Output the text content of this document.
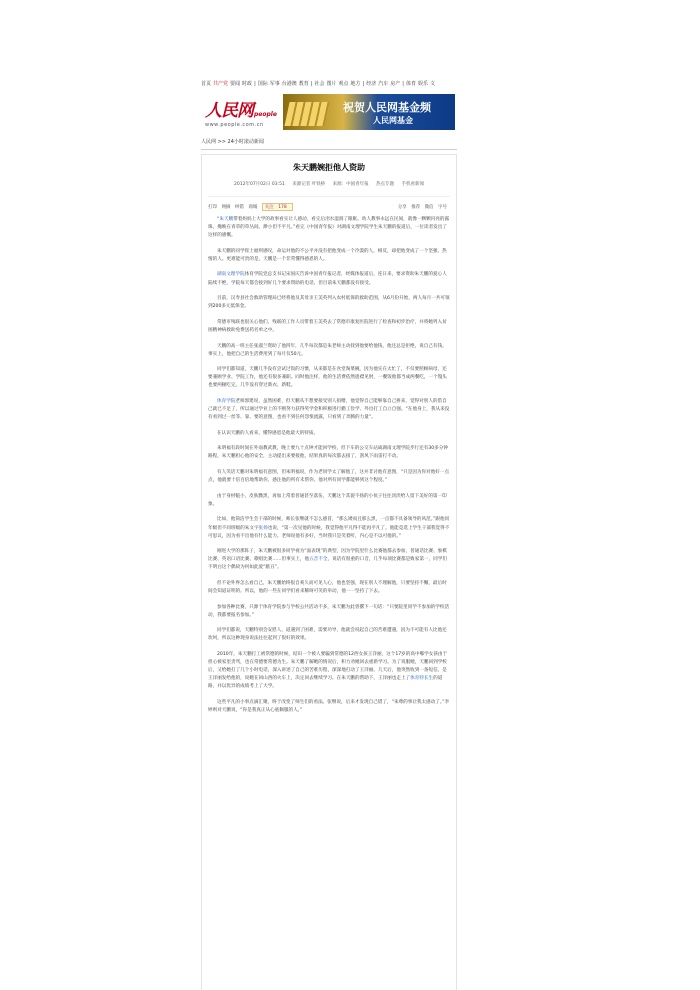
首页 共产党 要闻 时政 | 国际 军事 台港澳 教育 | 社会 图片 观点 地方 | 经济 汽车 房产 | 体育 娱乐 文
人民网people
www.people.com.cn
祝贺人民网基金频
人民网基金
人民网 >> 24小时滚动新闻
朱天鹏婉拒他人资助
2012年07月02日 03:51 来源记者 叶铁桥 来源：中国青年报 热点专题 手机看新闻
打印 网摘 纠错 商城 关注 178	分享 推荐 微信 字号

“朱天鹏带着妈妈上大学的故事看实让人感动，看完后泪水湿润了眼眶。幼人教事永远在民间，就像一颗颗闪亮的露珠，掩映在青草的草丛间，渺小但不平凡。”看完《中国青年报》对湖南文理学院学生朱天鹏的报道后，一位读者发出了这样的感慨。

朱天鹏的同学崔士福则感叹，命运对他的不公平并没有把他变成一个冷漠的人，相反，却把他变成了一个坚强、热情的人。更难能可贵的是，天鹏是一个非常懂得感恩的人。

湖南文理学院体育学院党总支书记宋国庆告诉中国青年报记者，经媒体报道后，连日来，要求资助朱天鹏的爱心人陆续不绝，学院每天都会接到好几个要求资助的电话，但目前朱天鹏都没有接受。

目前，汉寿县社会救助管理局已经将他及其母亲王美英列入农村低保的救助范围，从6月份开始，两人每月一共可领到200多元低保金。

常德市残联也很关心他们，残联的工作人员带着王美英去了常德市康复医院进行了检查和初步治疗，并将她列入贫困精神病救助免费送药名单之中。

天鹏的高一班主任张淑兰资助了他四年，几乎每次都是朱老师主动找到他要给他钱，他还总是拒绝，说自己有钱。事实上，他把自己的生活费用到了每月仅50元。

同学们都知道，天鹏几乎没有尝试过饭的习惯，从来都是在食堂淘菜碗，因为他实在太忙了，不仅要照顾病母，还要兼顾学业、学院工作，他还有很多兼职。同时他注样，他的生活费依然捉襟见肘，一餐饭他都当成两餐吃，一个馒头也要两顿吃完，几乎没有穿过新衣、新鞋。

体育学院老师郭建说，虽然困难，但天鹏从不想要接受别人捐赠，他觉得自己能够靠自己拼来，觉得对别人的借自己就已不足了，所以通过学业上的不断努力获得奖学金和积极进行勤工俭学、外出打工自立自强。“在他身上，我从来没有看到过一丝等、靠、要的意图，也看不到任何怨恨流露，只看到了奔腾的力量”。

在认识天鹏的人看来，懂得感恩是他最大的特质。

朱明福有段时间在外面教武教，晚上要九十点钟才能回学校，但下车的公交车站离湖南文理学院步行还有30多分钟路程，朱天鹏担心他的安全，主动提出来要接他，结果真的每次都去接了，刮风下雨雷打不动。

有人笑话天鹏对朱明福有意图，但朱明福说，作为老同学太了解他了，这并非讨他有意图，“只是因为你对他好一点点，他就要十倍百倍地帮助你，感注他的所有未帮你，他对所有同学都能够到这个程度。”

由于身材魁小，皮肤黝黑，再加上常着普通甚至落伍，天鹏这个其貌不扬的小伙子往往淡淡给人留下美好的第一印象。

比如，他简洁学生会干部的时候，师长张继就不怎么感冒，“那么矮而且那么黑，一点都不具备领导的风范。”跟他同年级但不同班级的朱文字张扬也说，“第一次见他的时候，我觉得他平凡得不能再平凡了。他能竞选上学生干部我觉得不可思议，因为看不出他有什么能力。老师说他有多好，当时我只是笑着听，内心是不以可他的。”

刚进大学的那阵子，朱天鹏被很多同学视为“面表现”的典型，因为学院里什么比赛他都去参加，普通话比赛、象棋比赛、英语口语比赛、歌唱比赛……但事实上，他五音不全，说话有很重的口音，几乎每项比赛都是败家第一，同学们不明白这个偶故为何如此爱“献丑”。

但不论外界怎么看自己，朱天鹏始终很自爽久而可见人心，他也坚强，现在别人不理解他，只要坚持不懈，最后时间会知道证明的。所以，他的一些在同学们看来稀呀可笑的举动，他一一坚持了下去。

参加各种比赛，只源于体育学院参与学校公共活动不多，朱天鹏为此曾撂下一句话：“只要院里同学不参加的学校活动，我都要报名参加。”

同学们都说，天鹏特别会安慰人，道遇到了困难，需要功导，他就会说起自己的苦难遭遇，因为不可能有人比他还坎坷，所以这种现身说法往往起到了很好的效果。

2010年，朱天鹏打工被常德的时候，结识一个被人要骗到常德的12西女孩王洋丽，这个17岁的高中郫学女孩由于担心被家里责骂，也在常德要常德为生。朱天鹏了解她的情况后，积力劝她回去重新学习。为了说服她，天鹏回到学校后，又给她打了几个小时电话，深入讲述了自己的苦难历程，深深地打动了王洋丽。几天后，他突然收到一条短信，是王洋丽发给他的，说她在回山西的火车上，决定回去继续学习。在朱天鹏的帮助下，王洋丽也走上了体育特长生的道路，并以优异的成绩考上了大学。

这些平凡的小事点滴汇聚，终于改变了师生们的看法。张继说，后来才发现自己错了，“朱尊的事让我太感动了。”李婷则对天鹏说，“你是我真正从心底佩服的人。”
